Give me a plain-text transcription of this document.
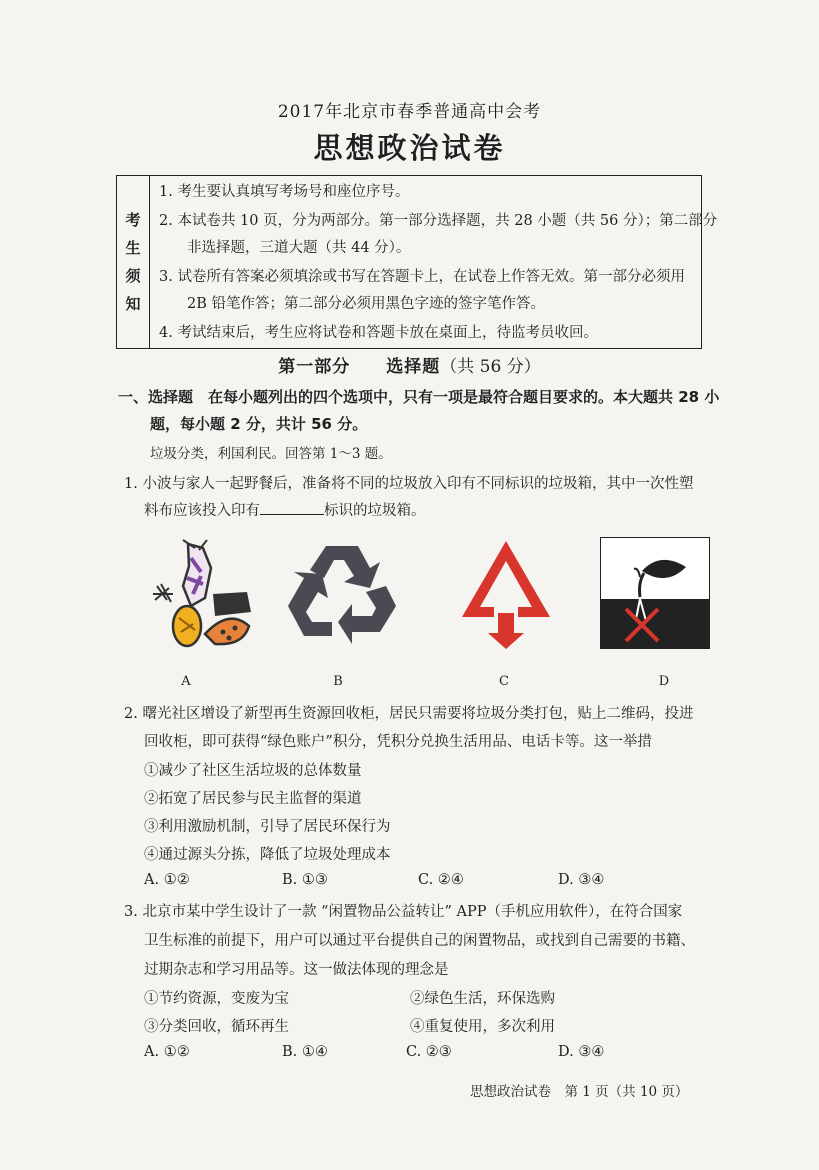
2017年北京市春季普通高中会考
思想政治试卷
考
生
须
知
1. 考生要认真填写考场号和座位序号。
2. 本试卷共 10 页，分为两部分。第一部分选择题，共 28 小题（共 56 分）；第二部分
非选择题，三道大题（共 44 分）。
3. 试卷所有答案必须填涂或书写在答题卡上，在试卷上作答无效。第一部分必须用
2B 铅笔作答；第二部分必须用黑色字迹的签字笔作答。
4. 考试结束后，考生应将试卷和答题卡放在桌面上，待监考员收回。
第一部分　　选择题（共 56 分）
一、选择题　在每小题列出的四个选项中，只有一项是最符合题目要求的。本大题共 28 小
题，每小题 2 分，共计 56 分。
垃圾分类，利国利民。回答第 1～3 题。
1. 小波与家人一起野餐后，准备将不同的垃圾放入印有不同标识的垃圾箱，其中一次性塑
料布应该投入印有	标识的垃圾箱。
A	B	C	D
2. 曙光社区增设了新型再生资源回收柜，居民只需要将垃圾分类打包，贴上二维码，投进
回收柜，即可获得“绿色账户”积分，凭积分兑换生活用品、电话卡等。这一举措
①减少了社区生活垃圾的总体数量
②拓宽了居民参与民主监督的渠道
③利用激励机制，引导了居民环保行为
④通过源头分拣，降低了垃圾处理成本
A. ①②	B. ①③	C. ②④	D. ③④
3. 北京市某中学生设计了一款 “闲置物品公益转让” APP（手机应用软件），在符合国家
卫生标准的前提下，用户可以通过平台提供自己的闲置物品，或找到自己需要的书籍、
过期杂志和学习用品等。这一做法体现的理念是
①节约资源，变废为宝	②绿色生活，环保选购
③分类回收，循环再生	④重复使用，多次利用
A. ①②	B. ①④	C. ②③	D. ③④
思想政治试卷　第 1 页（共 10 页）
